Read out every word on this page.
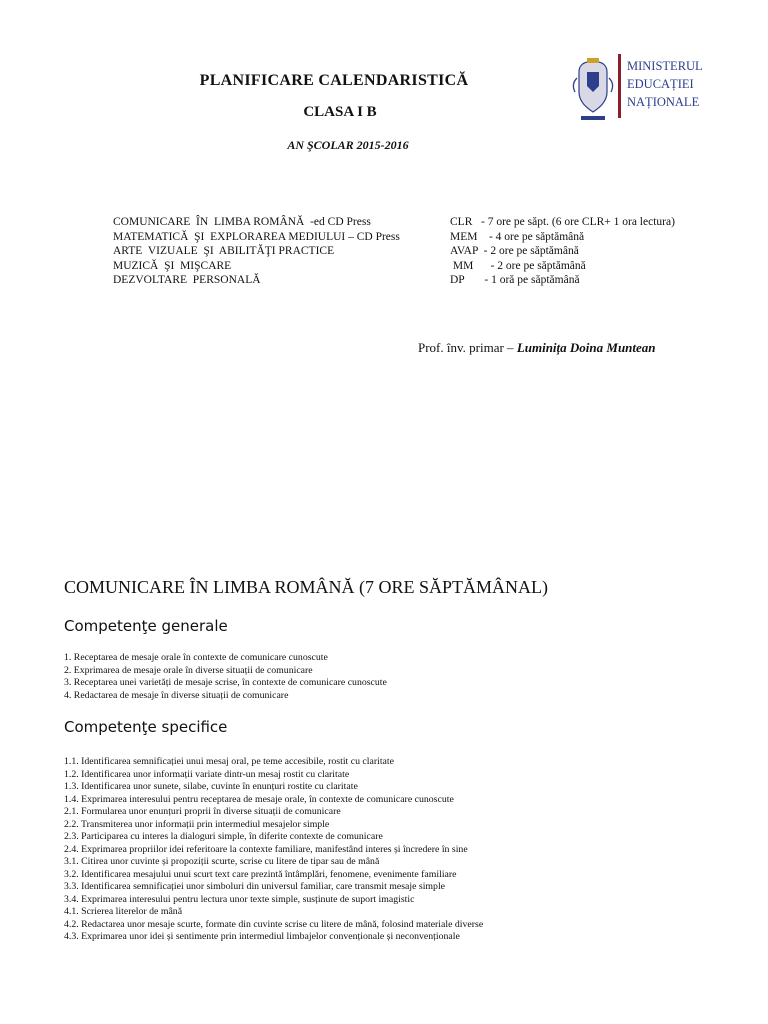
PLANIFICARE CALENDARISTICĂ
CLASA I B
AN ŞCOLAR 2015-2016
MINISTERUL
EDUCAȚIEI
NAȚIONALE
COMUNICARE  ÎN  LIMBA ROMÂNĂ  -ed CD Press	CLR   - 7 ore pe săpt. (6 ore CLR+ 1 ora lectura)
MATEMATICĂ  ŞI  EXPLORAREA MEDIULUI – CD Press	MEM    - 4 ore pe săptămână
ARTE  VIZUALE  ŞI  ABILITĂŢI PRACTICE	AVAP  - 2 ore pe săptămână
MUZICĂ  ŞI  MIŞCARE	MM      - 2 ore pe săptămână
DEZVOLTARE  PERSONALĂ	DP       - 1 oră pe săptămână
Prof. înv. primar – Luminița Doina Muntean
COMUNICARE ÎN LIMBA ROMÂNĂ (7 ORE SĂPTĂMÂNAL)
Competenţe generale
1. Receptarea de mesaje orale în contexte de comunicare cunoscute
2. Exprimarea de mesaje orale în diverse situații de comunicare
3. Receptarea unei varietăți de mesaje scrise, în contexte de comunicare cunoscute
4. Redactarea de mesaje în diverse situații de comunicare
Competenţe specifice
1.1. Identificarea semnificației unui mesaj oral, pe teme accesibile, rostit cu claritate
1.2. Identificarea unor informații variate dintr-un mesaj rostit cu claritate
1.3. Identificarea unor sunete, silabe, cuvinte în enunțuri rostite cu claritate
1.4. Exprimarea interesului pentru receptarea de mesaje orale, în contexte de comunicare cunoscute
2.1. Formularea unor enunțuri proprii în diverse situații de comunicare
2.2. Transmiterea unor informații prin intermediul mesajelor simple
2.3. Participarea cu interes la dialoguri simple, în diferite contexte de comunicare
2.4. Exprimarea propriilor idei referitoare la contexte familiare, manifestând interes și încredere în sine
3.1. Citirea unor cuvinte și propoziții scurte, scrise cu litere de tipar sau de mână
3.2. Identificarea mesajului unui scurt text care prezintă întâmplări, fenomene, evenimente familiare
3.3. Identificarea semnificației unor simboluri din universul familiar, care transmit mesaje simple
3.4. Exprimarea interesului pentru lectura unor texte simple, susținute de suport imagistic
4.1. Scrierea literelor de mână
4.2. Redactarea unor mesaje scurte, formate din cuvinte scrise cu litere de mână, folosind materiale diverse
4.3. Exprimarea unor idei și sentimente prin intermediul limbajelor convenționale și neconvenționale
